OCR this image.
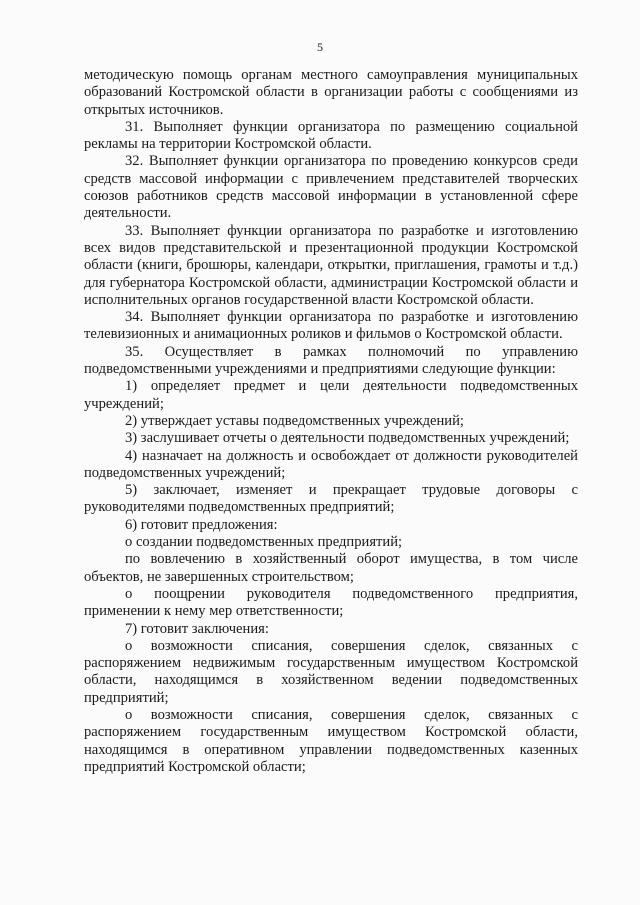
5

методическую помощь органам местного самоуправления муниципальных образований Костромской области в организации работы с сообщениями из открытых источников.

31. Выполняет функции организатора по размещению социальной рекламы на территории Костромской области.

32. Выполняет функции организатора по проведению конкурсов среди средств массовой информации с привлечением представителей творческих союзов работников средств массовой информации в установленной сфере деятельности.

33. Выполняет функции организатора по разработке и изготовлению всех видов представительской и презентационной продукции Костромской области (книги, брошюры, календари, открытки, приглашения, грамоты и т.д.) для губернатора Костромской области, администрации Костромской области и исполнительных органов государственной власти Костромской области.

34. Выполняет функции организатора по разработке и изготовлению телевизионных и анимационных роликов и фильмов о Костромской области.

35. Осуществляет в рамках полномочий по управлению подведомственными учреждениями и предприятиями следующие функции:

1) определяет предмет и цели деятельности подведомственных учреждений;

2) утверждает уставы подведомственных учреждений;

3) заслушивает отчеты о деятельности подведомственных учреждений;

4) назначает на должность и освобождает от должности руководителей подведомственных учреждений;

5) заключает, изменяет и прекращает трудовые договоры с руководителями подведомственных предприятий;

6) готовит предложения:

о создании подведомственных предприятий;

по вовлечению в хозяйственный оборот имущества, в том числе объектов, не завершенных строительством;

о поощрении руководителя подведомственного предприятия, применении к нему мер ответственности;

7) готовит заключения:

о возможности списания, совершения сделок, связанных с распоряжением недвижимым государственным имуществом Костромской области, находящимся в хозяйственном ведении подведомственных предприятий;

о возможности списания, совершения сделок, связанных с распоряжением государственным имуществом Костромской области, находящимся в оперативном управлении подведомственных казенных предприятий Костромской области;
